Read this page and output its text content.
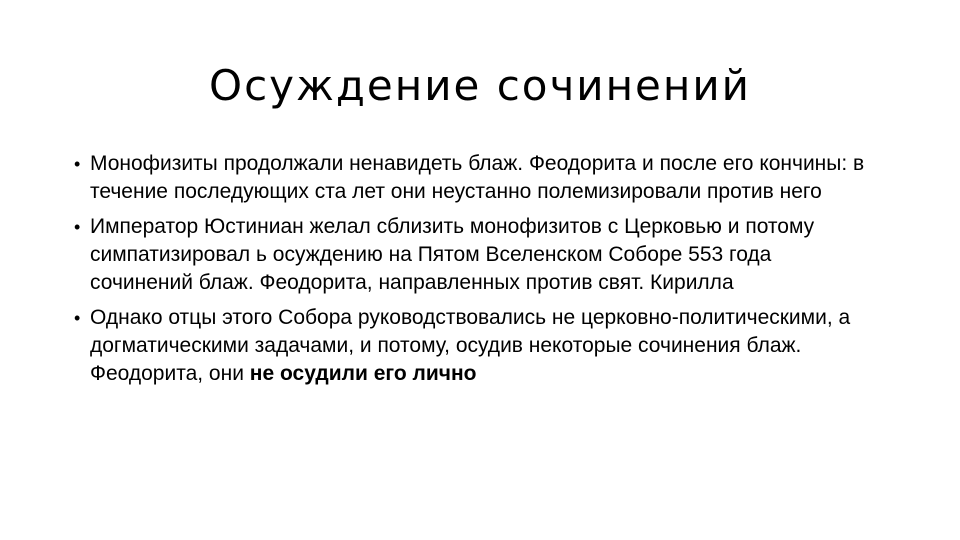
Осуждение сочинений
• Монофизиты продолжали ненавидеть блаж. Феодорита и после его кончины: в течение последующих ста лет они неустанно полемизировали против него
• Император Юстиниан желал сблизить монофизитов с Церковью и потому симпатизировал ь осуждению на Пятом Вселенском Соборе 553 года сочинений блаж. Феодорита, направленных против свят. Кирилла
• Однако отцы этого Собора руководствовались не церковно-политическими, а догматическими задачами, и потому, осудив некоторые сочинения блаж. Феодорита, они не осудили его лично
